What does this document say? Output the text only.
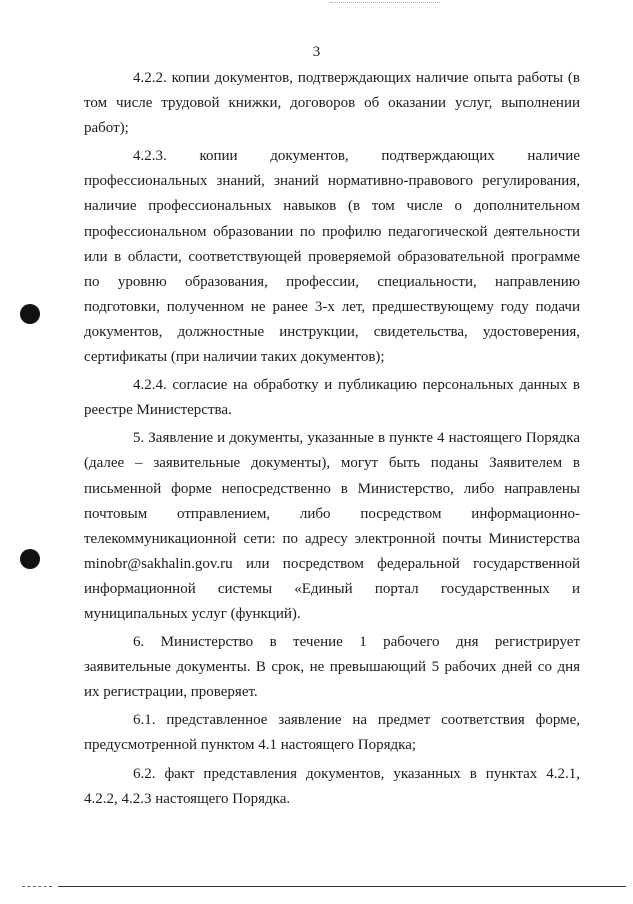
3

4.2.2. копии документов, подтверждающих наличие опыта работы (в том числе трудовой книжки, договоров об оказании услуг, выполнении работ);

4.2.3. копии документов, подтверждающих наличие профессиональных знаний, знаний нормативно-правового регулирования, наличие профессиональных навыков (в том числе о дополнительном профессиональном образовании по профилю педагогической деятельности или в области, соответствующей проверяемой образовательной программе по уровню образования, профессии, специальности, направлению подготовки, полученном не ранее 3-х лет, предшествующему году подачи документов, должностные инструкции, свидетельства, удостоверения, сертификаты (при наличии таких документов);

4.2.4. согласие на обработку и публикацию персональных данных в реестре Министерства.

5. Заявление и документы, указанные в пункте 4 настоящего Порядка (далее – заявительные документы), могут быть поданы Заявителем в письменной форме непосредственно в Министерство, либо направлены почтовым отправлением, либо посредством информационно-телекоммуникационной сети: по адресу электронной почты Министерства minobr@sakhalin.gov.ru или посредством федеральной государственной информационной системы «Единый портал государственных и муниципальных услуг (функций).

6. Министерство в течение 1 рабочего дня регистрирует заявительные документы. В срок, не превышающий 5 рабочих дней со дня их регистрации, проверяет.

6.1. представленное заявление на предмет соответствия форме, предусмотренной пунктом 4.1 настоящего Порядка;

6.2. факт представления документов, указанных в пунктах 4.2.1, 4.2.2, 4.2.3 настоящего Порядка.
